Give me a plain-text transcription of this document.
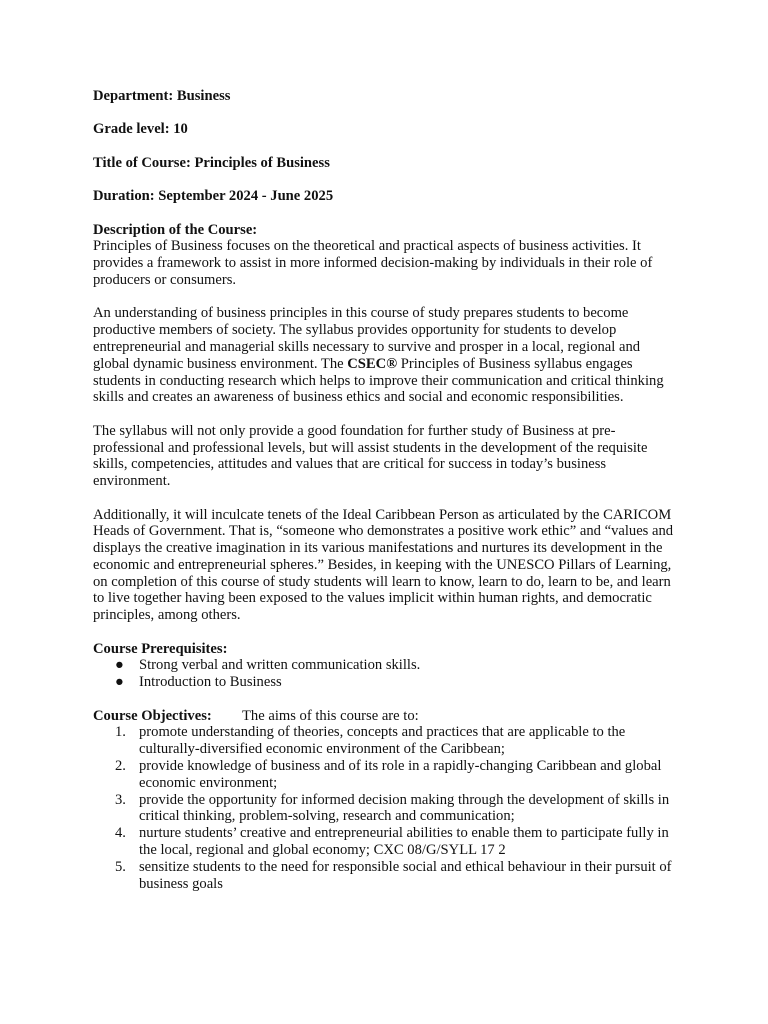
Department: Business

Grade level: 10

Title of Course: Principles of Business

Duration: September 2024 - June 2025

Description of the Course:

Principles of Business focuses on the theoretical and practical aspects of business activities. It provides a framework to assist in more informed decision-making by individuals in their role of producers or consumers.

An understanding of business principles in this course of study prepares students to become productive members of society. The syllabus provides opportunity for students to develop entrepreneurial and managerial skills necessary to survive and prosper in a local, regional and global dynamic business environment. The CSEC® Principles of Business syllabus engages students in conducting research which helps to improve their communication and critical thinking skills and creates an awareness of business ethics and social and economic responsibilities.

The syllabus will not only provide a good foundation for further study of Business at pre-professional and professional levels, but will assist students in the development of the requisite skills, competencies, attitudes and values that are critical for success in today’s business environment.

Additionally, it will inculcate tenets of the Ideal Caribbean Person as articulated by the CARICOM Heads of Government. That is, “someone who demonstrates a positive work ethic” and “values and displays the creative imagination in its various manifestations and nurtures its development in the economic and entrepreneurial spheres.” Besides, in keeping with the UNESCO Pillars of Learning, on completion of this course of study students will learn to know, learn to do, learn to be, and learn to live together having been exposed to the values implicit within human rights, and democratic principles, among others.

Course Prerequisites:

● Strong verbal and written communication skills.
● Introduction to Business
Course Objectives:	The aims of this course are to:
1. promote understanding of theories, concepts and practices that are applicable to the culturally-diversified economic environment of the Caribbean;
2. provide knowledge of business and of its role in a rapidly-changing Caribbean and global economic environment;
3. provide the opportunity for informed decision making through the development of skills in critical thinking, problem-solving, research and communication;
4. nurture students’ creative and entrepreneurial abilities to enable them to participate fully in the local, regional and global economy; CXC 08/G/SYLL 17 2
5. sensitize students to the need for responsible social and ethical behaviour in their pursuit of business goals
